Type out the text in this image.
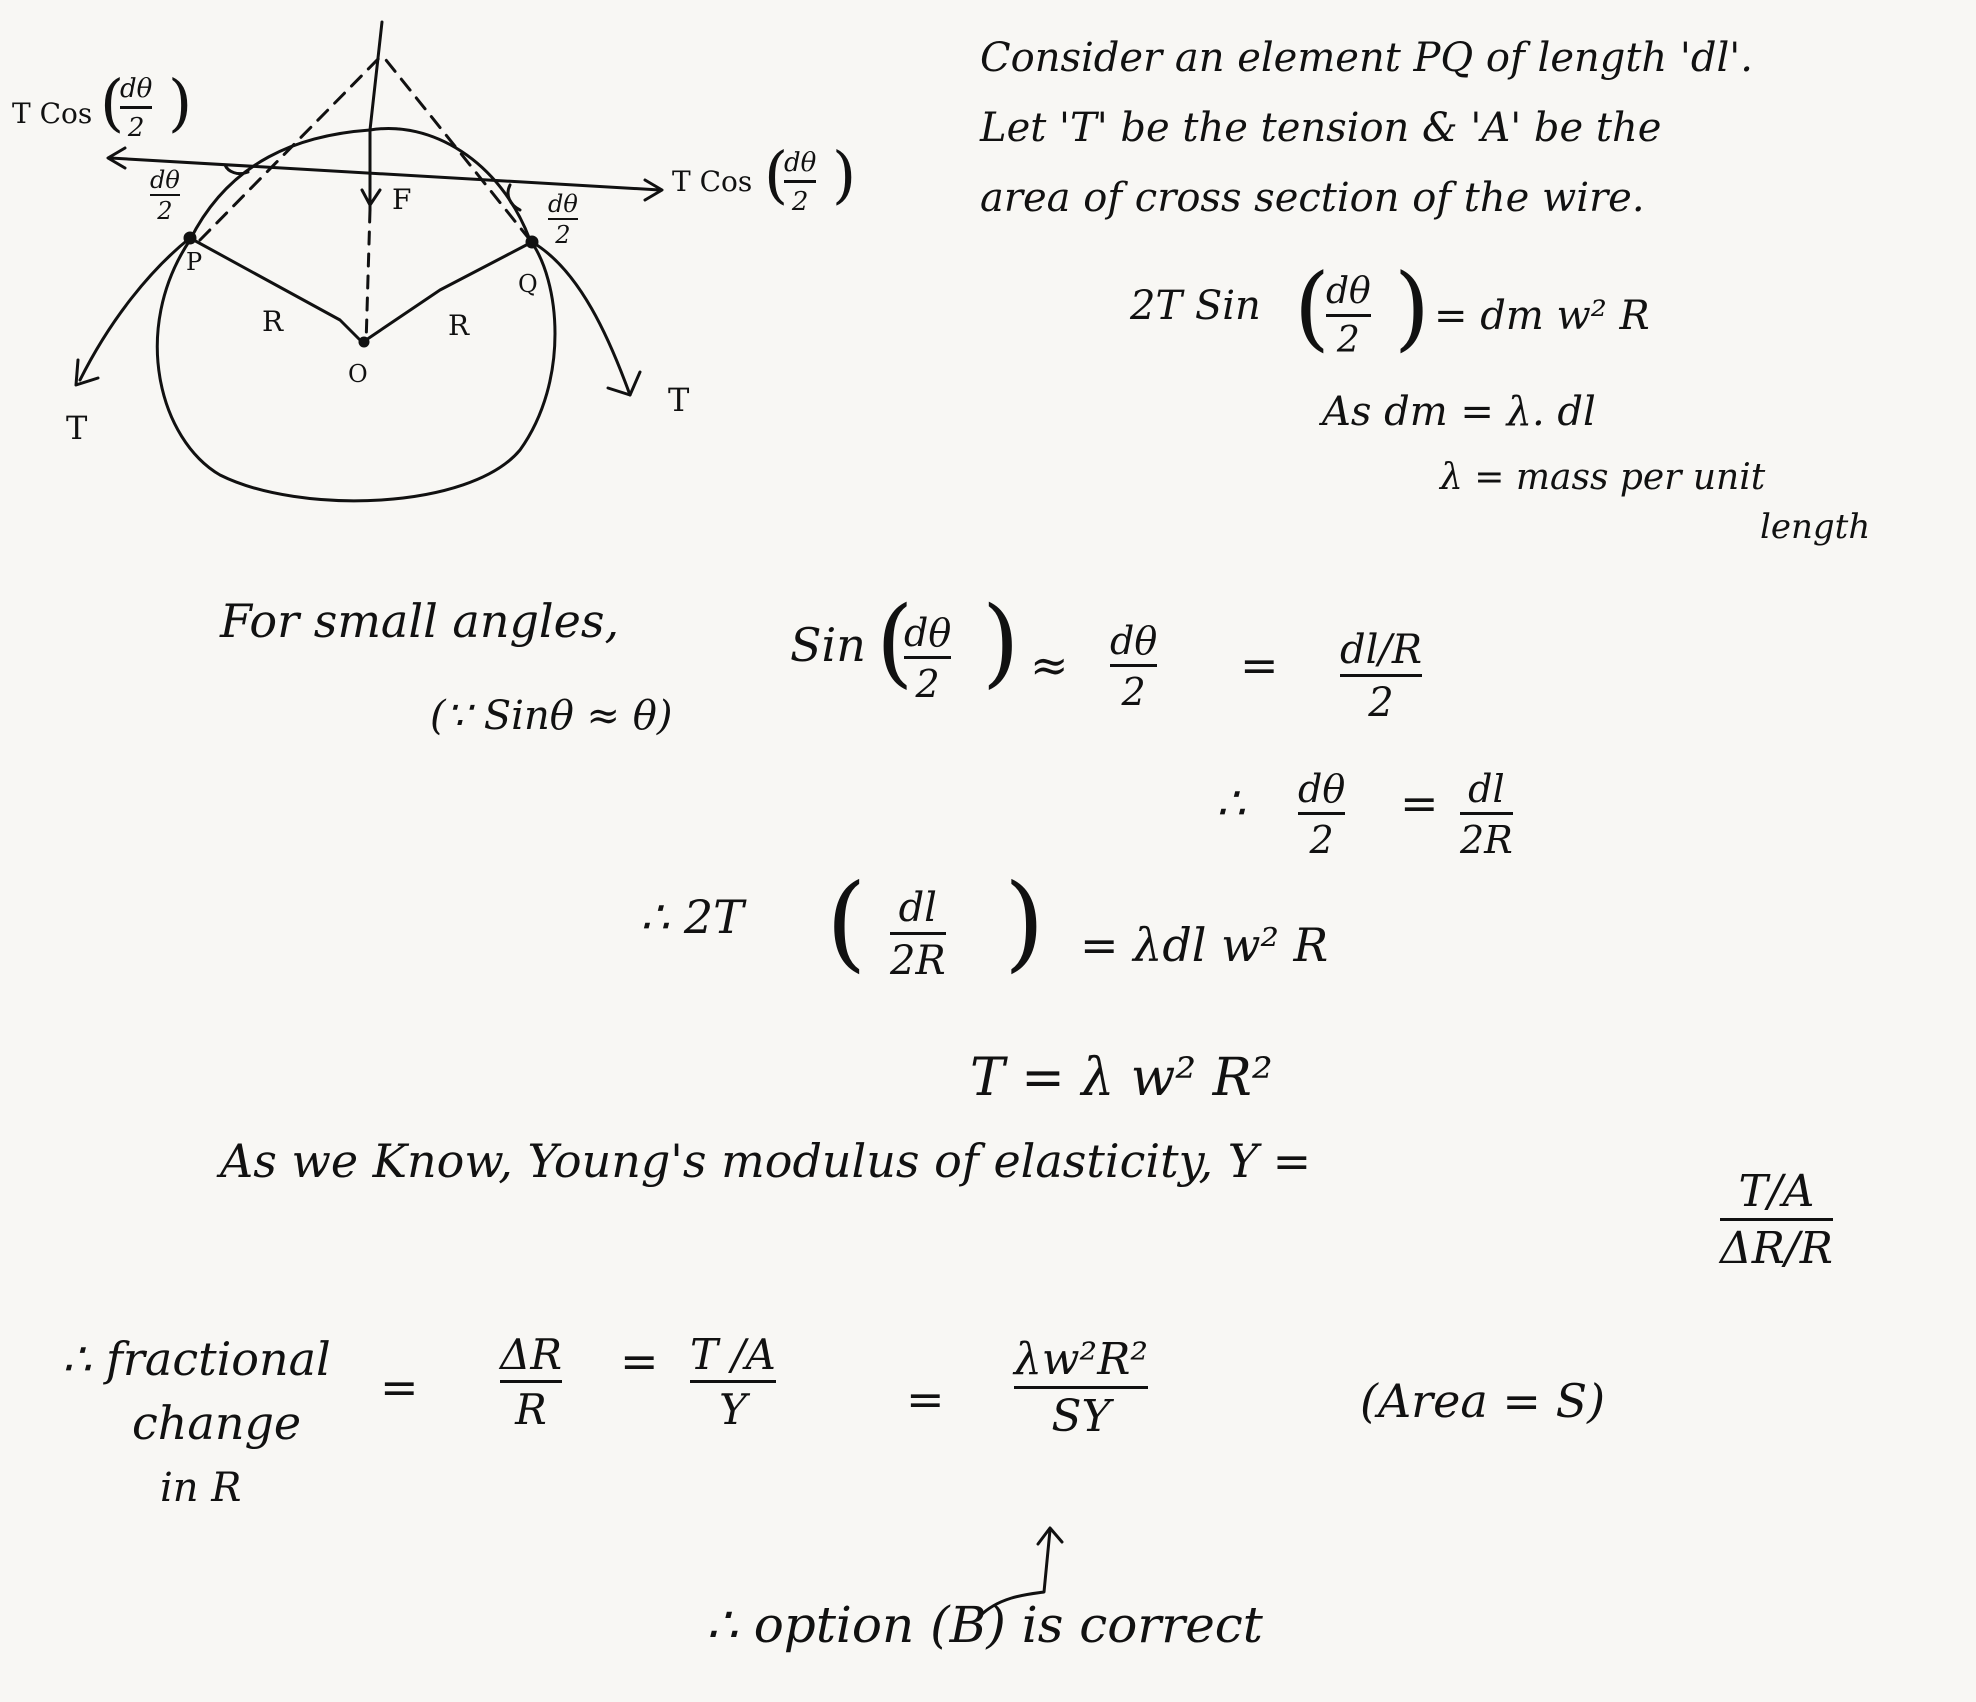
T Cos (
dθ
2 )
dθ
2
T Cos (
dθ
2 )
dθ
2
F
P
Q
R	R
O
T
T
Consider an element PQ of length 'dl'.
Let 'T' be the tension & 'A' be the
area of cross section of the wire.
2T Sin (
dθ
2 ) = dm w² R
As dm = λ. dl
λ = mass per unit
length
For small angles,	Sin (
dθ
2 ) ≈ dθ
2 = dl/R
2
(∵ Sinθ ≈ θ)
∴ dθ
2
= dl
2R
∴ 2T ( dl
2R ) = λdl w² R
T = λ w² R²
As we Know, Young's modulus of elasticity, Y =
T/A
ΔR/R
∴ fractional
change
in R
=
ΔR
R
= T /A
Y	=
λw²R²
SY	(Area = S)
∴ option (B) is correct
